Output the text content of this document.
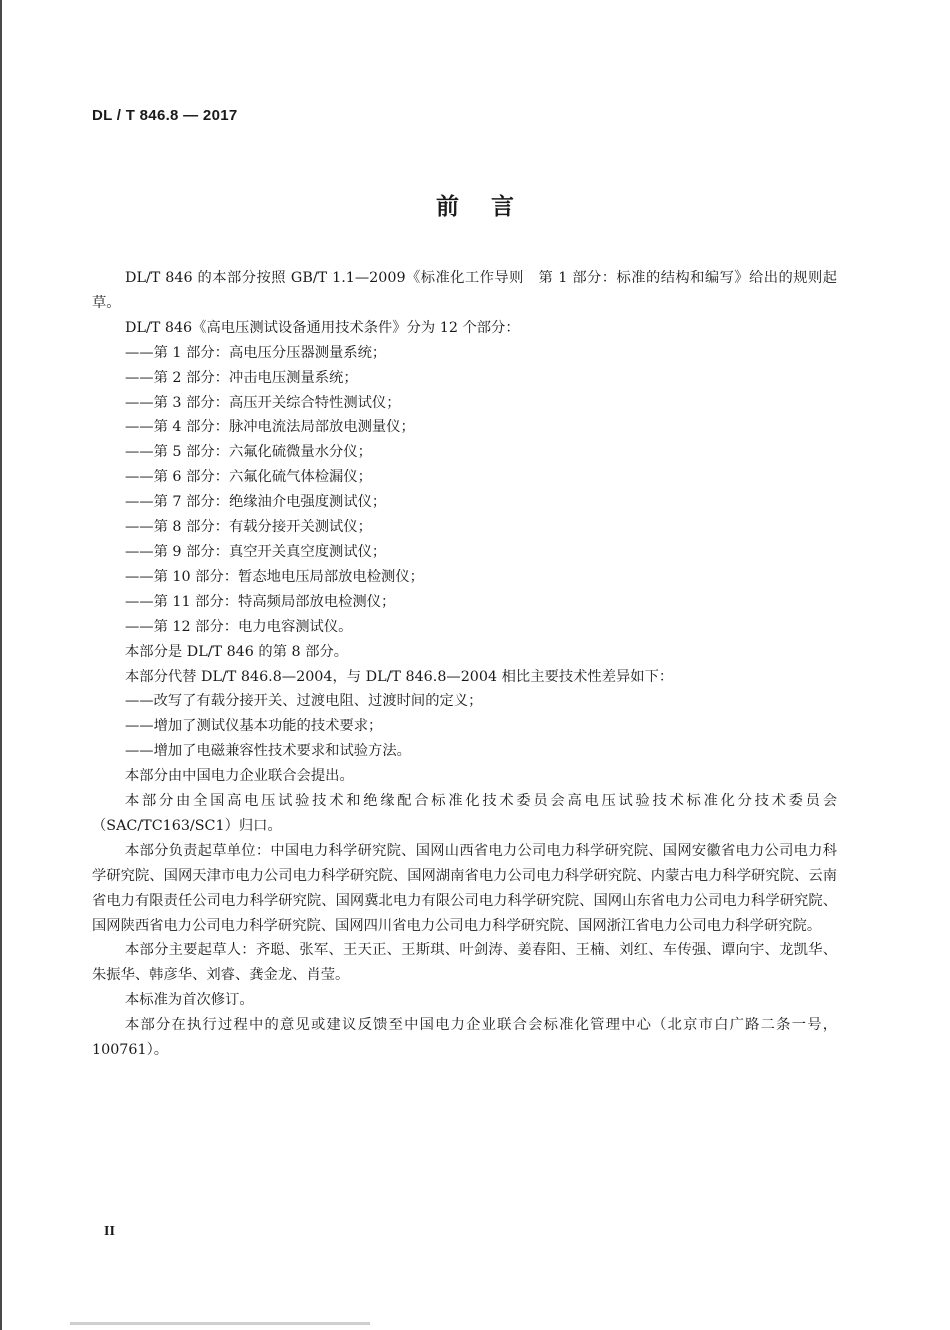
DL / T 846.8 — 2017
前言

DL/T 846 的本部分按照 GB/T 1.1—2009《标准化工作导则　第 1 部分：标准的结构和编写》给出的规则起草。

DL/T 846《高电压测试设备通用技术条件》分为 12 个部分：

——第 1 部分：高电压分压器测量系统；

——第 2 部分：冲击电压测量系统；

——第 3 部分：高压开关综合特性测试仪；

——第 4 部分：脉冲电流法局部放电测量仪；

——第 5 部分：六氟化硫微量水分仪；

——第 6 部分：六氟化硫气体检漏仪；

——第 7 部分：绝缘油介电强度测试仪；

——第 8 部分：有载分接开关测试仪；

——第 9 部分：真空开关真空度测试仪；

——第 10 部分：暂态地电压局部放电检测仪；

——第 11 部分：特高频局部放电检测仪；

——第 12 部分：电力电容测试仪。

本部分是 DL/T 846 的第 8 部分。

本部分代替 DL/T 846.8—2004，与 DL/T 846.8—2004 相比主要技术性差异如下：

——改写了有载分接开关、过渡电阻、过渡时间的定义；

——增加了测试仪基本功能的技术要求；

——增加了电磁兼容性技术要求和试验方法。

本部分由中国电力企业联合会提出。

本部分由全国高电压试验技术和绝缘配合标准化技术委员会高电压试验技术标准化分技术委员会（SAC/TC163/SC1）归口。

本部分负责起草单位：中国电力科学研究院、国网山西省电力公司电力科学研究院、国网安徽省电力公司电力科学研究院、国网天津市电力公司电力科学研究院、国网湖南省电力公司电力科学研究院、内蒙古电力科学研究院、云南省电力有限责任公司电力科学研究院、国网冀北电力有限公司电力科学研究院、国网山东省电力公司电力科学研究院、国网陕西省电力公司电力科学研究院、国网四川省电力公司电力科学研究院、国网浙江省电力公司电力科学研究院。

本部分主要起草人：齐聪、张军、王天正、王斯琪、叶剑涛、姜春阳、王楠、刘红、车传强、谭向宇、龙凯华、朱振华、韩彦华、刘睿、龚金龙、肖莹。

本标准为首次修订。

本部分在执行过程中的意见或建议反馈至中国电力企业联合会标准化管理中心（北京市白广路二条一号，100761）。

II
